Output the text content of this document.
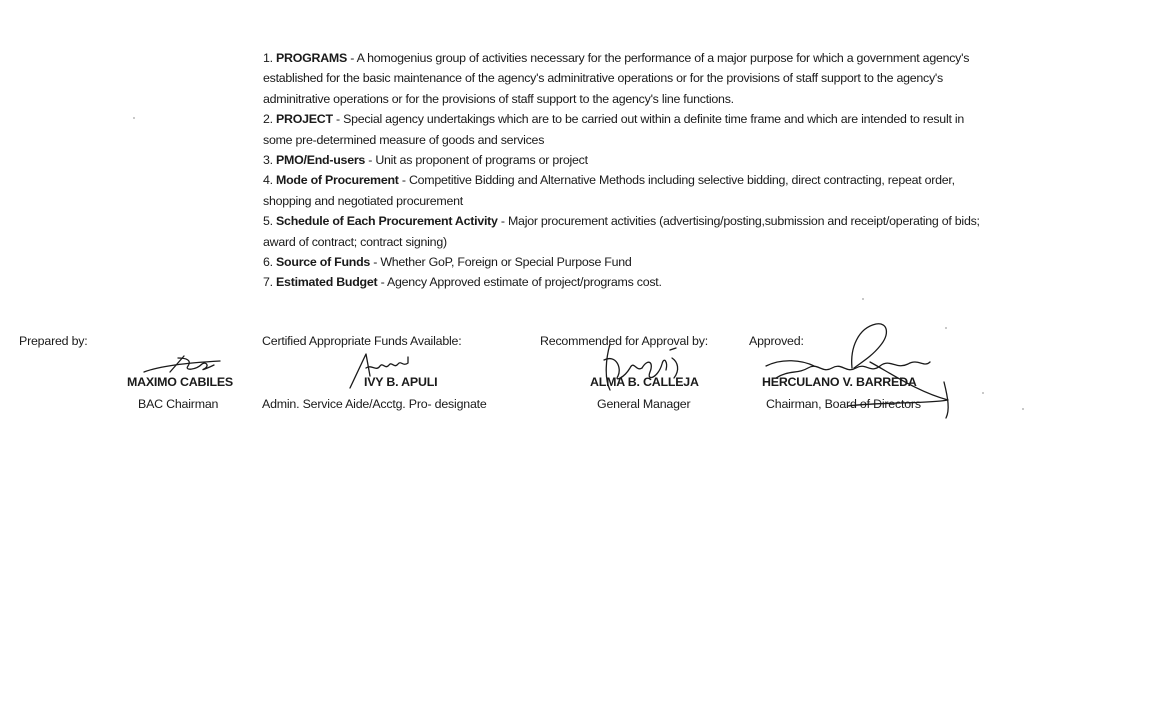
1. PROGRAMS - A homogenius group of activities necessary for the performance of a major purpose for which a government agency's established for the basic maintenance of the agency's adminitrative operations or for the provisions of staff support to the agency's adminitrative operations or for the provisions of staff support to the agency's line functions.

2. PROJECT - Special agency undertakings which are to be carried out within a definite time frame and which are intended to result in some pre-determined measure of goods and services

3. PMO/End-users - Unit as proponent of programs or project

4. Mode of Procurement - Competitive Bidding and Alternative Methods including selective bidding, direct contracting, repeat order, shopping and negotiated procurement

5. Schedule of Each Procurement Activity - Major procurement activities (advertising/posting,submission and receipt/operating of bids; award of contract; contract signing)

6. Source of Funds - Whether GoP, Foreign or Special Purpose Fund

7. Estimated Budget - Agency Approved estimate of project/programs cost.

Prepared by:
MAXIMO CABILES
BAC Chairman
Certified Appropriate Funds Available:
IVY B. APULI
Admin. Service Aide/Acctg. Pro- designate
Recommended for Approval by:
ALMA B. CALLEJA
General Manager
Approved:
HERCULANO V. BARREDA
Chairman, Board of Directors
